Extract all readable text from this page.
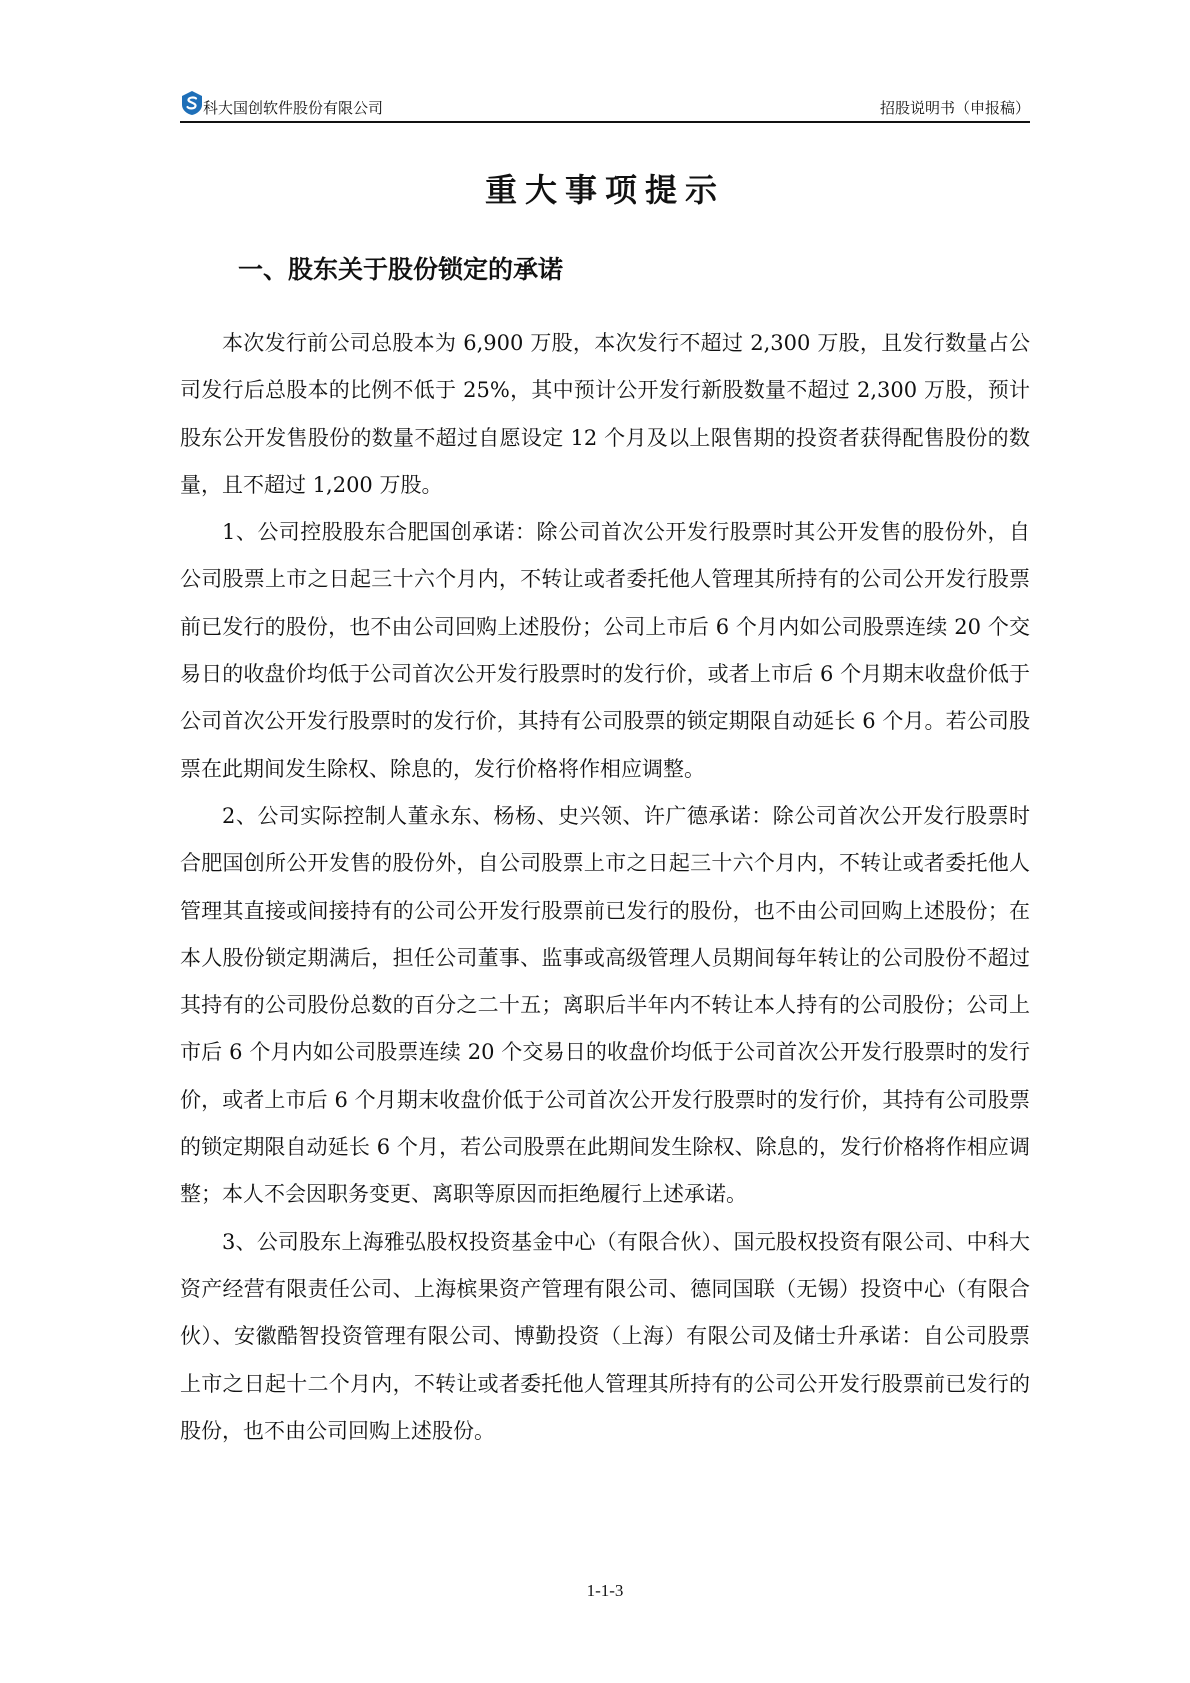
科大国创软件股份有限公司	招股说明书（申报稿）
重大事项提示
一、股东关于股份锁定的承诺

本次发行前公司总股本为 6,900 万股，本次发行不超过 2,300 万股，且发行数量占公司发行后总股本的比例不低于 25%，其中预计公开发行新股数量不超过 2,300 万股，预计股东公开发售股份的数量不超过自愿设定 12 个月及以上限售期的投资者获得配售股份的数量，且不超过 1,200 万股。

1、公司控股股东合肥国创承诺：除公司首次公开发行股票时其公开发售的股份外，自公司股票上市之日起三十六个月内，不转让或者委托他人管理其所持有的公司公开发行股票前已发行的股份，也不由公司回购上述股份；公司上市后 6 个月内如公司股票连续 20 个交易日的收盘价均低于公司首次公开发行股票时的发行价，或者上市后 6 个月期末收盘价低于公司首次公开发行股票时的发行价，其持有公司股票的锁定期限自动延长 6 个月。若公司股票在此期间发生除权、除息的，发行价格将作相应调整。

2、公司实际控制人董永东、杨杨、史兴领、许广德承诺：除公司首次公开发行股票时合肥国创所公开发售的股份外，自公司股票上市之日起三十六个月内，不转让或者委托他人管理其直接或间接持有的公司公开发行股票前已发行的股份，也不由公司回购上述股份；在本人股份锁定期满后，担任公司董事、监事或高级管理人员期间每年转让的公司股份不超过其持有的公司股份总数的百分之二十五；离职后半年内不转让本人持有的公司股份；公司上市后 6 个月内如公司股票连续 20 个交易日的收盘价均低于公司首次公开发行股票时的发行价，或者上市后 6 个月期末收盘价低于公司首次公开发行股票时的发行价，其持有公司股票的锁定期限自动延长 6 个月，若公司股票在此期间发生除权、除息的，发行价格将作相应调整；本人不会因职务变更、离职等原因而拒绝履行上述承诺。

3、公司股东上海雅弘股权投资基金中心（有限合伙）、国元股权投资有限公司、中科大资产经营有限责任公司、上海槟果资产管理有限公司、德同国联（无锡）投资中心（有限合伙）、安徽酷智投资管理有限公司、博勤投资（上海）有限公司及储士升承诺：自公司股票上市之日起十二个月内，不转让或者委托他人管理其所持有的公司公开发行股票前已发行的股份，也不由公司回购上述股份。

1-1-3
